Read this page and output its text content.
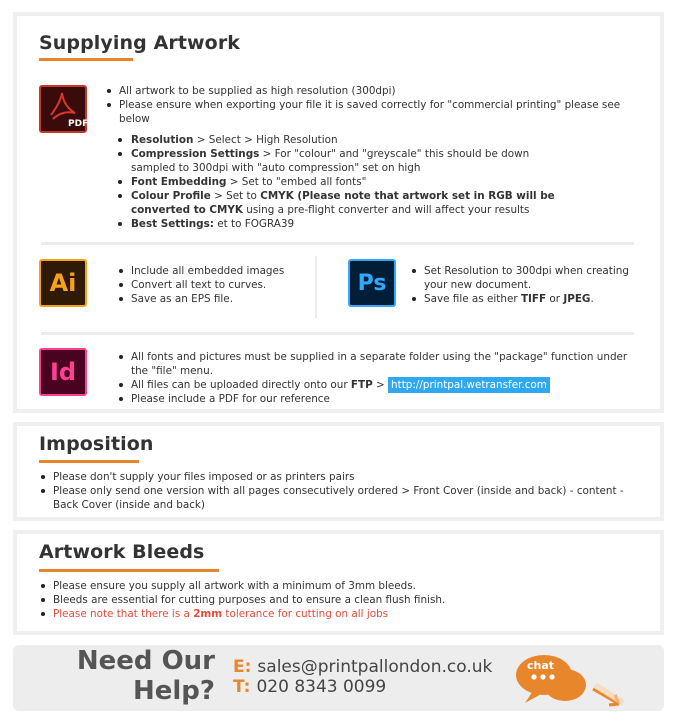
Supplying Artwork
PDF
All artwork to be supplied as high resolution (300dpi)
Please ensure when exporting your file it is saved correctly for "commercial printing" please see below
Resolution > Select > High Resolution
Compression Settings > For "colour" and "greyscale" this should be down sampled to 300dpi with "auto compression" set on high
Font Embedding > Set to "embed all fonts"
Colour Profile > Set to CMYK (Please note that artwork set in RGB will be converted to CMYK using a pre-flight converter and will affect your results
Best Settings: et to FOGRA39
Ai	Include all embedded images
Convert all text to curves.
Save as an EPS file.
Ps	Set Resolution to 300dpi when creating your new document.
Save file as either TIFF or JPEG.
Id
All fonts and pictures must be supplied in a separate folder using the "package" function under the "file" menu.
All files can be uploaded directly onto our FTP > http://printpal.wetransfer.com
Please include a PDF for our reference
Imposition
Please don't supply your files imposed or as printers pairs
Please only send one version with all pages consecutively ordered > Front Cover (inside and back) - content - Back Cover (inside and back)
Artwork Bleeds
Please ensure you supply all artwork with a minimum of 3mm bleeds.
Bleeds are essential for cutting purposes and to ensure a clean flush finish.
Please note that there is a 2mm tolerance for cutting on all jobs
Need Our
Help?
E: sales@printpallondon.co.uk
T: 020 8343 0099
chat
